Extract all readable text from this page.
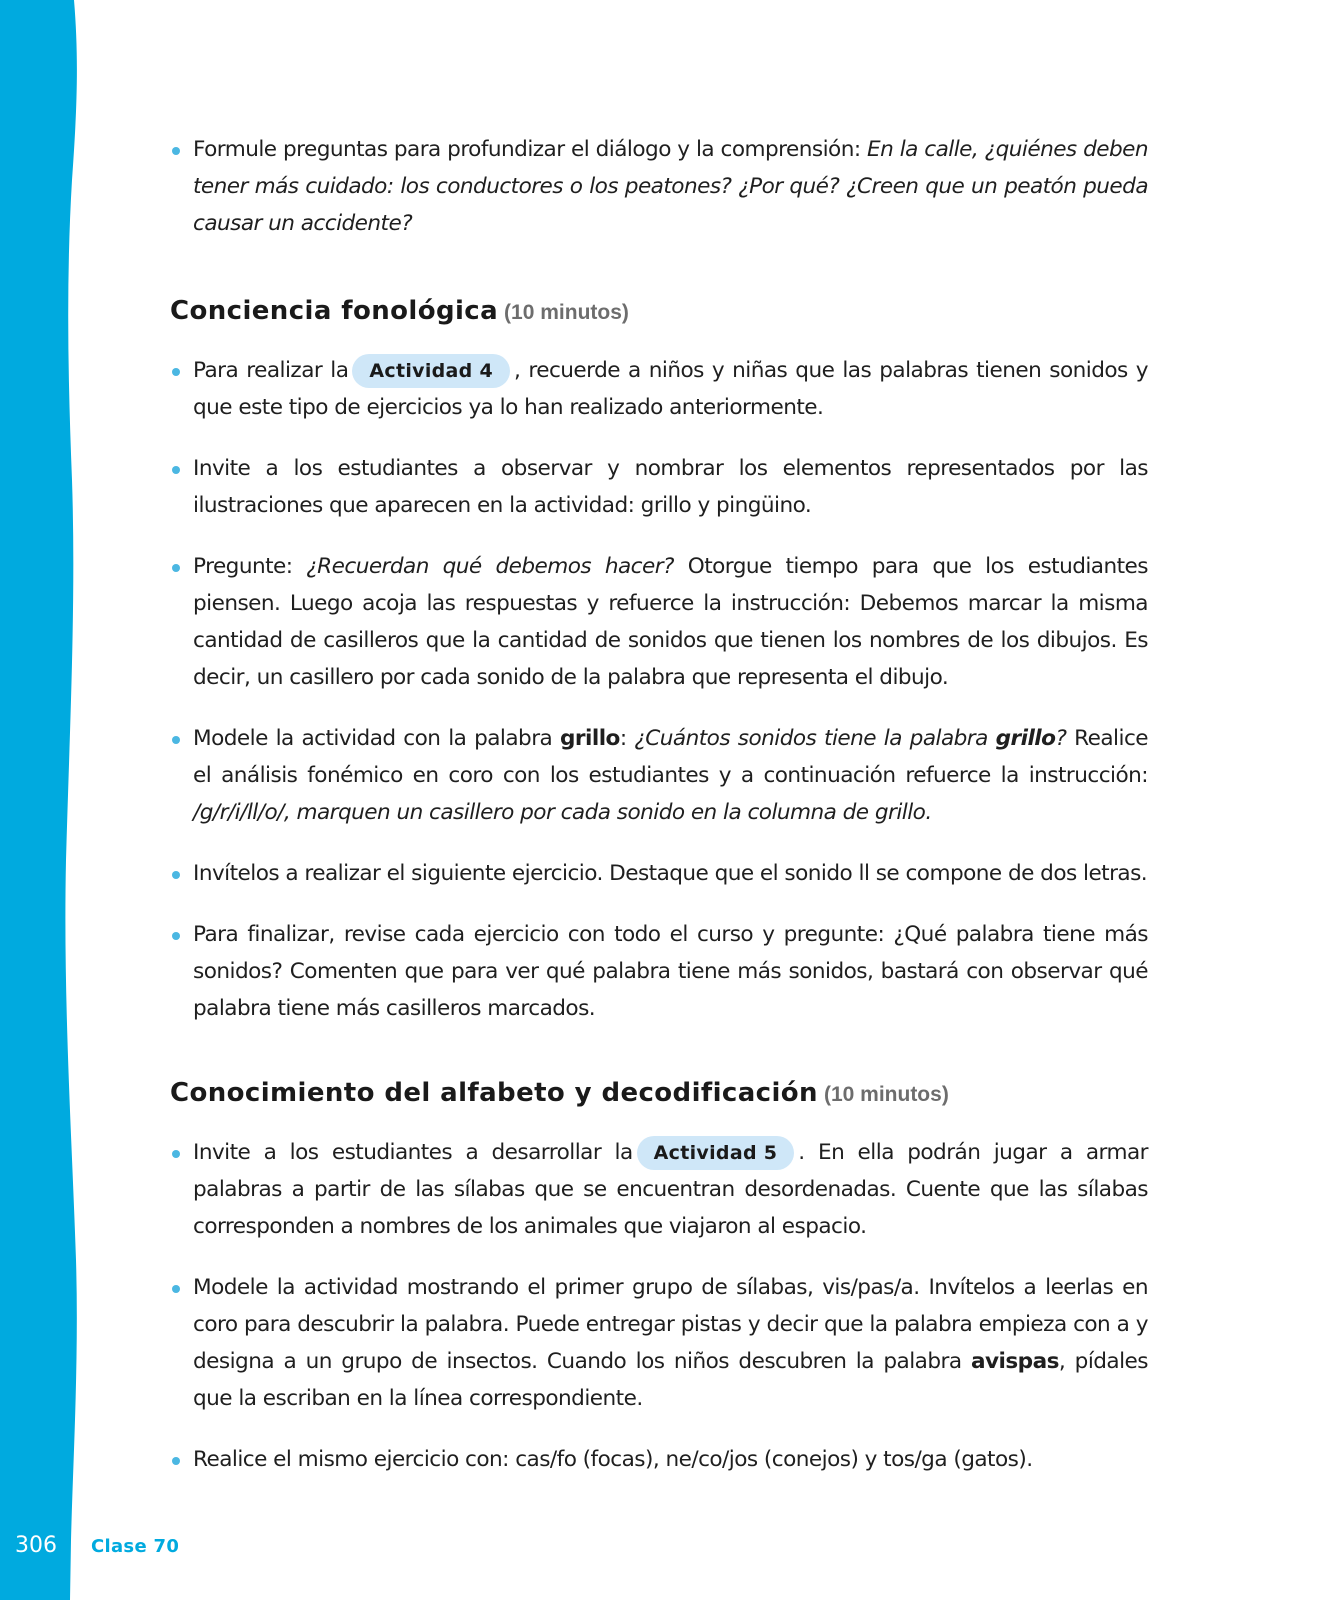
306	Clase 70
Formule preguntas para profundizar el diálogo y la comprensión: En la calle, ¿quiénes deben tener más cuidado: los conductores o los peatones? ¿Por qué? ¿Creen que un peatón pueda causar un accidente?
Conciencia fonológica (10 minutos)
Para realizar la Actividad 4 , recuerde a niños y niñas que las palabras tienen sonidos y que este tipo de ejercicios ya lo han realizado anteriormente.
Invite a los estudiantes a observar y nombrar los elementos representados por las ilustraciones que aparecen en la actividad: grillo y pingüino.
Pregunte: ¿Recuerdan qué debemos hacer? Otorgue tiempo para que los estudiantes piensen. Luego acoja las respuestas y refuerce la instrucción: Debemos marcar la misma cantidad de casilleros que la cantidad de sonidos que tienen los nombres de los dibujos. Es decir, un casillero por cada sonido de la palabra que representa el dibujo.
Modele la actividad con la palabra grillo: ¿Cuántos sonidos tiene la palabra grillo? Realice el análisis fonémico en coro con los estudiantes y a continuación refuerce la instrucción: /g/r/i/ll/o/, marquen un casillero por cada sonido en la columna de grillo.
Invítelos a realizar el siguiente ejercicio. Destaque que el sonido ll se compone de dos letras.
Para finalizar, revise cada ejercicio con todo el curso y pregunte: ¿Qué palabra tiene más sonidos? Comenten que para ver qué palabra tiene más sonidos, bastará con observar qué palabra tiene más casilleros marcados.
Conocimiento del alfabeto y decodificación (10 minutos)
Invite a los estudiantes a desarrollar la Actividad 5 . En ella podrán jugar a armar palabras a partir de las sílabas que se encuentran desordenadas. Cuente que las sílabas corresponden a nombres de los animales que viajaron al espacio.
Modele la actividad mostrando el primer grupo de sílabas, vis/pas/a. Invítelos a leerlas en coro para descubrir la palabra. Puede entregar pistas y decir que la palabra empieza con a y designa a un grupo de insectos. Cuando los niños descubren la palabra avispas, pídales que la escriban en la línea correspondiente.
Realice el mismo ejercicio con: cas/fo (focas), ne/co/jos (conejos) y tos/ga (gatos).
